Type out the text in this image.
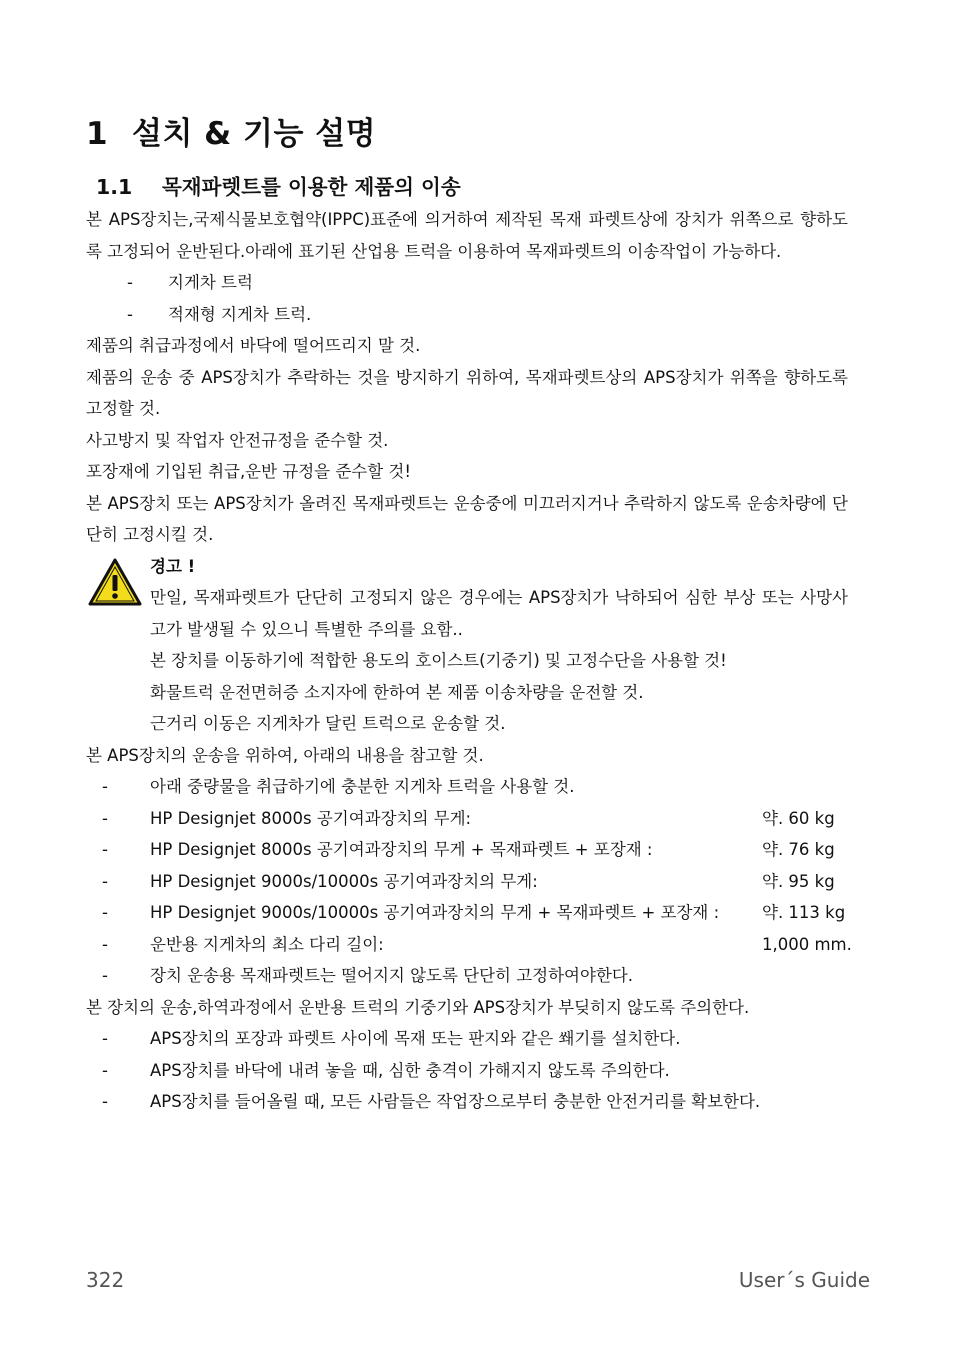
1 설치 & 기능 설명
1.1 목재파렛트를 이용한 제품의 이송

본 APS장치는,국제식물보호협약(IPPC)표준에 의거하여 제작된 목재 파렛트상에 장치가 위쪽으로 향하도록 고정되어 운반된다.아래에 표기된 산업용 트럭을 이용하여 목재파렛트의 이송작업이 가능하다.

- 지게차 트럭

- 적재형 지게차 트럭.

제품의 취급과정에서 바닥에 떨어뜨리지 말 것.

제품의 운송 중 APS장치가 추락하는 것을 방지하기 위하여, 목재파렛트상의 APS장치가 위쪽을 향하도록 고정할 것.

사고방지 및 작업자 안전규정을 준수할 것.

포장재에 기입된 취급,운반 규정을 준수할 것!

본 APS장치 또는 APS장치가 올려진 목재파렛트는 운송중에 미끄러지거나 추락하지 않도록 운송차량에 단단히 고정시킬 것.

경고 !

만일, 목재파렛트가 단단히 고정되지 않은 경우에는 APS장치가 낙하되어 심한 부상 또는 사망사고가 발생될 수 있으니 특별한 주의를 요함..

본 장치를 이동하기에 적합한 용도의 호이스트(기중기) 및 고정수단을 사용할 것!

화물트럭 운전면허증 소지자에 한하여 본 제품 이송차량을 운전할 것.

근거리 이동은 지게차가 달린 트럭으로 운송할 것.

본 APS장치의 운송을 위하여, 아래의 내용을 참고할 것.

-	아래 중량물을 취급하기에 충분한 지게차 트럭을 사용할 것.

-	HP Designjet 8000s 공기여과장치의 무게:	약. 60 kg

-	HP Designjet 8000s 공기여과장치의 무게 + 목재파렛트 + 포장재 :	약. 76 kg

-	HP Designjet 9000s/10000s 공기여과장치의 무게:	약. 95 kg

-	HP Designjet 9000s/10000s 공기여과장치의 무게 + 목재파렛트 + 포장재 :	약. 113 kg

-	운반용 지게차의 최소 다리 길이:	1,000 mm.

-	장치 운송용 목재파렛트는 떨어지지 않도록 단단히 고정하여야한다.

본 장치의 운송,하역과정에서 운반용 트럭의 기중기와 APS장치가 부딪히지 않도록 주의한다.

-	APS장치의 포장과 파렛트 사이에 목재 또는 판지와 같은 쐐기를 설치한다.

-	APS장치를 바닥에 내려 놓을 때, 심한 충격이 가해지지 않도록 주의한다.

-	APS장치를 들어올릴 때, 모든 사람들은 작업장으로부터 충분한 안전거리를 확보한다.

322	User´s Guide
